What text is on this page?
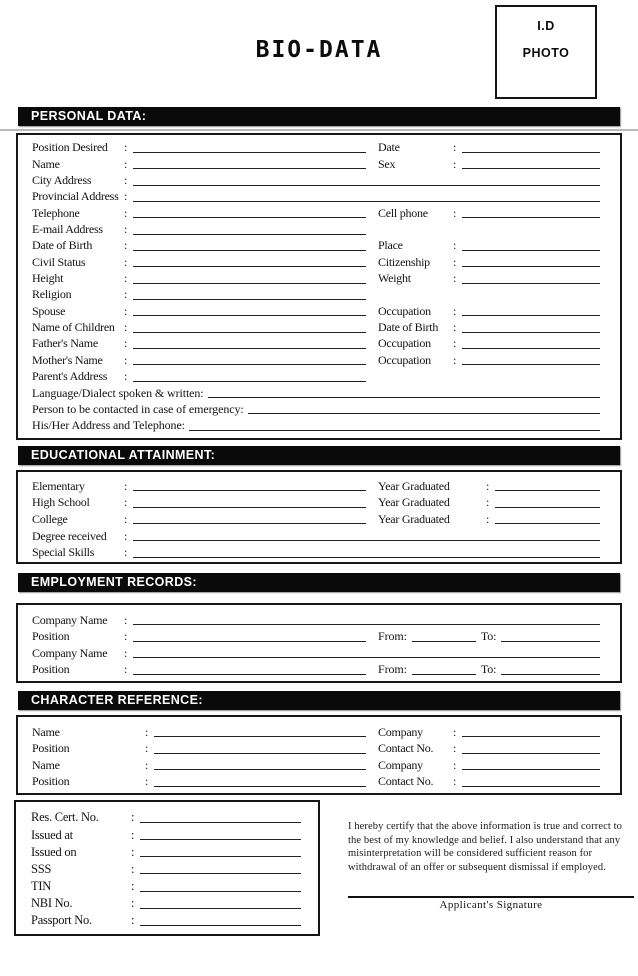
BIO-DATA
I.D
PHOTO
PERSONAL DATA:
Position Desired	:	Date	:
Name	:	Sex	:
City Address	:
Provincial Address :
Telephone	:	Cell phone	:
E-mail Address	:
Date of Birth	:	Place	:
Civil Status	:	Citizenship	:
Height	:	Weight	:
Religion	:
Spouse	:	Occupation	:
Name of Children :	Date of Birth	:
Father's Name	:	Occupation	:
Mother's Name	:	Occupation	:
Parent's Address	:
Language/Dialect spoken & written:
Person to be contacted in case of emergency:
His/Her Address and Telephone:
EDUCATIONAL ATTAINMENT:
Elementary	:	Year Graduated	:
High School	:	Year Graduated	:
College	:	Year Graduated	:
Degree received	:
Special Skills	:
EMPLOYMENT RECORDS:
Company Name	:
Position	:	From:	To:
Company Name	:
Position	:	From:	To:
CHARACTER REFERENCE:
Name	:	Company	:
Position	:	Contact No.	:
Name	:	Company	:
Position	:	Contact No.	:
Res. Cert. No.	:
Issued at	:
Issued on	:
SSS	:
TIN	:
NBI No.	:
Passport No.	:

I hereby certify that the above information is true and correct to the best of my knowledge and belief. I also understand that any misinterpretation will be considered sufficient reason for withdrawal of an offer or subsequent dismissal if employed.

Applicant's Signature
